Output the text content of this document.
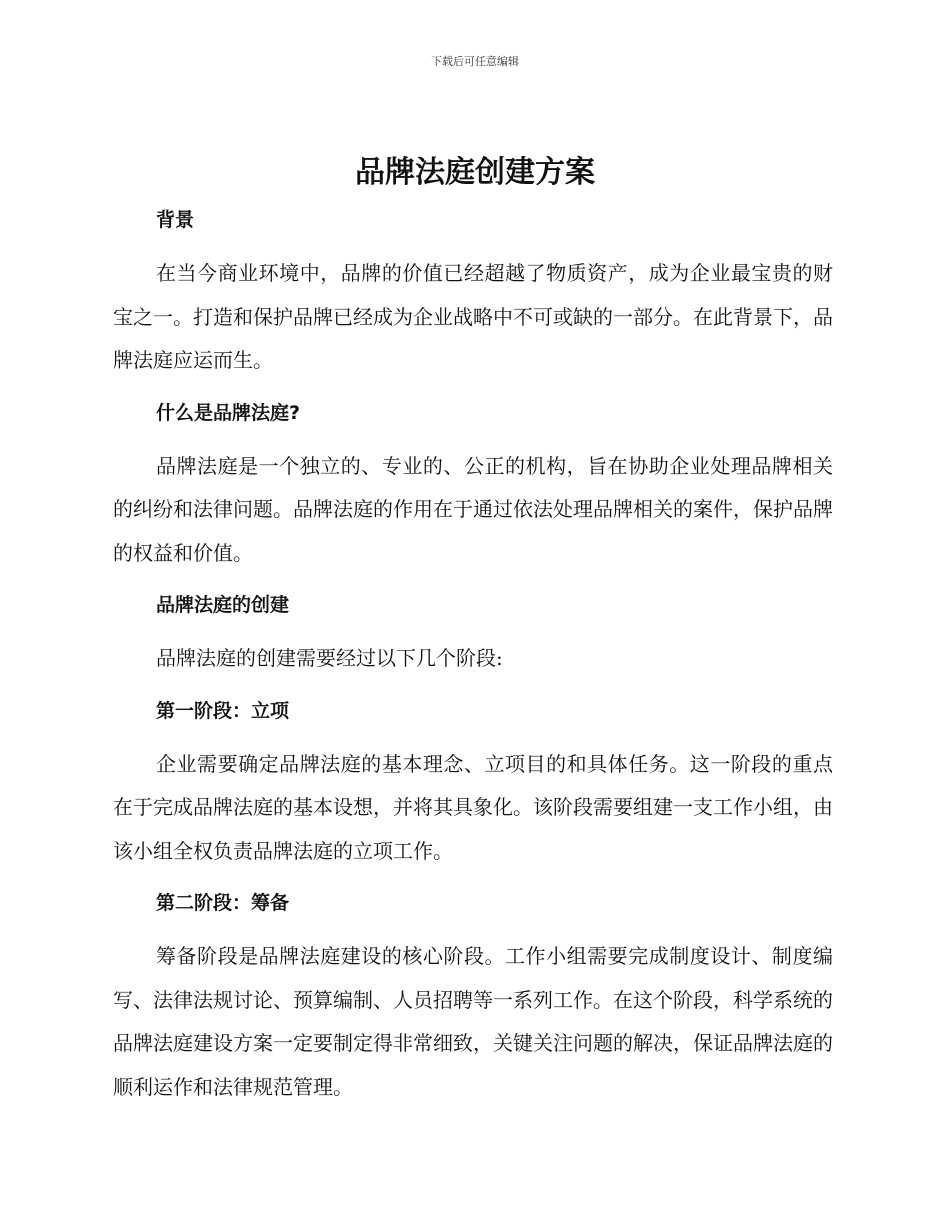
下载后可任意编辑
品牌法庭创建方案
背景

在当今商业环境中，品牌的价值已经超越了物质资产，成为企业最宝贵的财宝之一。打造和保护品牌已经成为企业战略中不可或缺的一部分。在此背景下，品牌法庭应运而生。

什么是品牌法庭?

品牌法庭是一个独立的、专业的、公正的机构，旨在协助企业处理品牌相关的纠纷和法律问题。品牌法庭的作用在于通过依法处理品牌相关的案件，保护品牌的权益和价值。

品牌法庭的创建

品牌法庭的创建需要经过以下几个阶段:

第一阶段：立项

企业需要确定品牌法庭的基本理念、立项目的和具体任务。这一阶段的重点在于完成品牌法庭的基本设想，并将其具象化。该阶段需要组建一支工作小组，由该小组全权负责品牌法庭的立项工作。

第二阶段：筹备

筹备阶段是品牌法庭建设的核心阶段。工作小组需要完成制度设计、制度编写、法律法规讨论、预算编制、人员招聘等一系列工作。在这个阶段，科学系统的品牌法庭建设方案一定要制定得非常细致，关键关注问题的解决，保证品牌法庭的顺利运作和法律规范管理。
